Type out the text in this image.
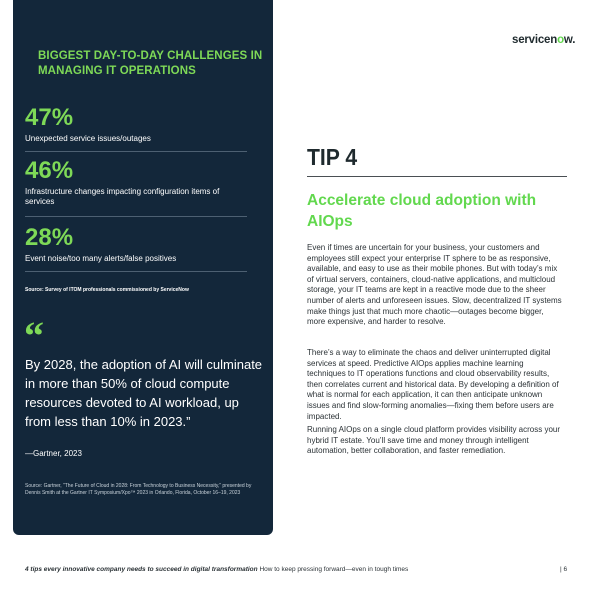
BIGGEST DAY-TO-DAY CHALLENGES IN MANAGING IT OPERATIONS
47%
Unexpected service issues/outages
46%
Infrastructure changes impacting configuration items of services
28%
Event noise/too many alerts/false positives
Source: Survey of ITOM professionals commissioned by ServiceNow
“
By 2028, the adoption of AI will culminate in more than 50% of cloud compute resources devoted to AI workload, up from less than 10% in 2023.”
—Gartner, 2023
Source: Gartner, “The Future of Cloud in 2028: From Technology to Business Necessity,” presented by Dennis Smith at the Gartner IT Symposium/Xpo™ 2023 in Orlando, Florida, October 16–19, 2023
servicenow.
TIP 4
Accelerate cloud adoption with AIOps
Even if times are uncertain for your business, your customers and employees still expect your enterprise IT sphere to be as responsive, available, and easy to use as their mobile phones. But with today’s mix of virtual servers, containers, cloud-native applications, and multicloud storage, your IT teams are kept in a reactive mode due to the sheer number of alerts and unforeseen issues. Slow, decentralized IT systems make things just that much more chaotic—outages become bigger, more expensive, and harder to resolve.
There’s a way to eliminate the chaos and deliver uninterrupted digital services at speed. Predictive AIOps applies machine learning techniques to IT operations functions and cloud observability results, then correlates current and historical data. By developing a definition of what is normal for each application, it can then anticipate unknown issues and find slow-forming anomalies—fixing them before users are impacted.
Running AIOps on a single cloud platform provides visibility across your hybrid IT estate. You’ll save time and money through intelligent automation, better collaboration, and faster remediation.
4 tips every innovative company needs to succeed in digital transformation How to keep pressing forward—even in tough times	| 6
